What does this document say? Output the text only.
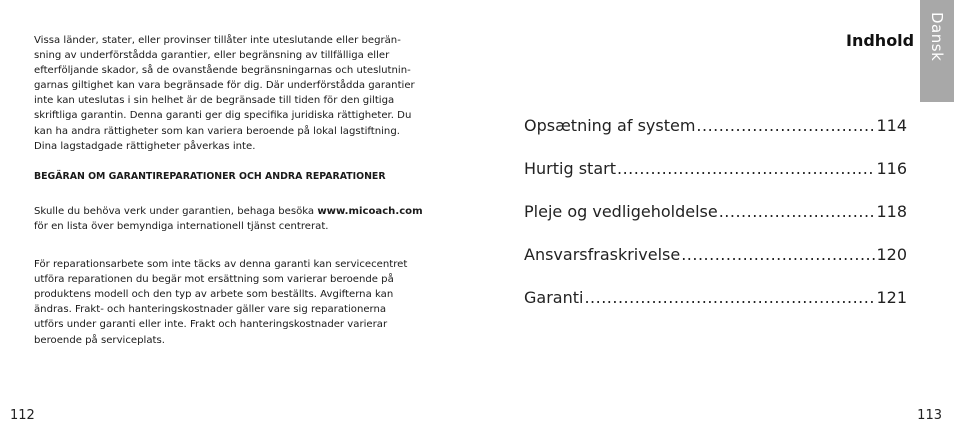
Vissa länder, stater, eller provinser tillåter inte uteslutande eller begrän-
sning av underförstådda garantier, eller begränsning av tillfälliga eller
efterföljande skador, så de ovanstående begränsningarnas och uteslutnin-
garnas giltighet kan vara begränsade för dig. Där underförstådda garantier
inte kan uteslutas i sin helhet är de begränsade till tiden för den giltiga
skriftliga garantin. Denna garanti ger dig specifika juridiska rättigheter. Du
kan ha andra rättigheter som kan variera beroende på lokal lagstiftning.
Dina lagstadgade rättigheter påverkas inte.

BEGÄRAN OM GARANTIREPARATIONER OCH ANDRA REPARATIONER

Skulle du behöva verk under garantien, behaga besöka www.micoach.com
för en lista över bemyndiga internationell tjänst centrerat.

För reparationsarbete som inte täcks av denna garanti kan servicecentret
utföra reparationen du begär mot ersättning som varierar beroende på
produktens modell och den typ av arbete som beställts. Avgifterna kan
ändras. Frakt- och hanteringskostnader gäller vare sig reparationerna
utförs under garanti eller inte. Frakt och hanteringskostnader varierar
beroende på serviceplats.

112
Indhold Dansk
Opsætning af system .....	114
Hurtig start .....	116
Pleje og vedligeholdelse .....	118
Ansvarsfraskrivelse .....	120
Garanti .....	121
113
